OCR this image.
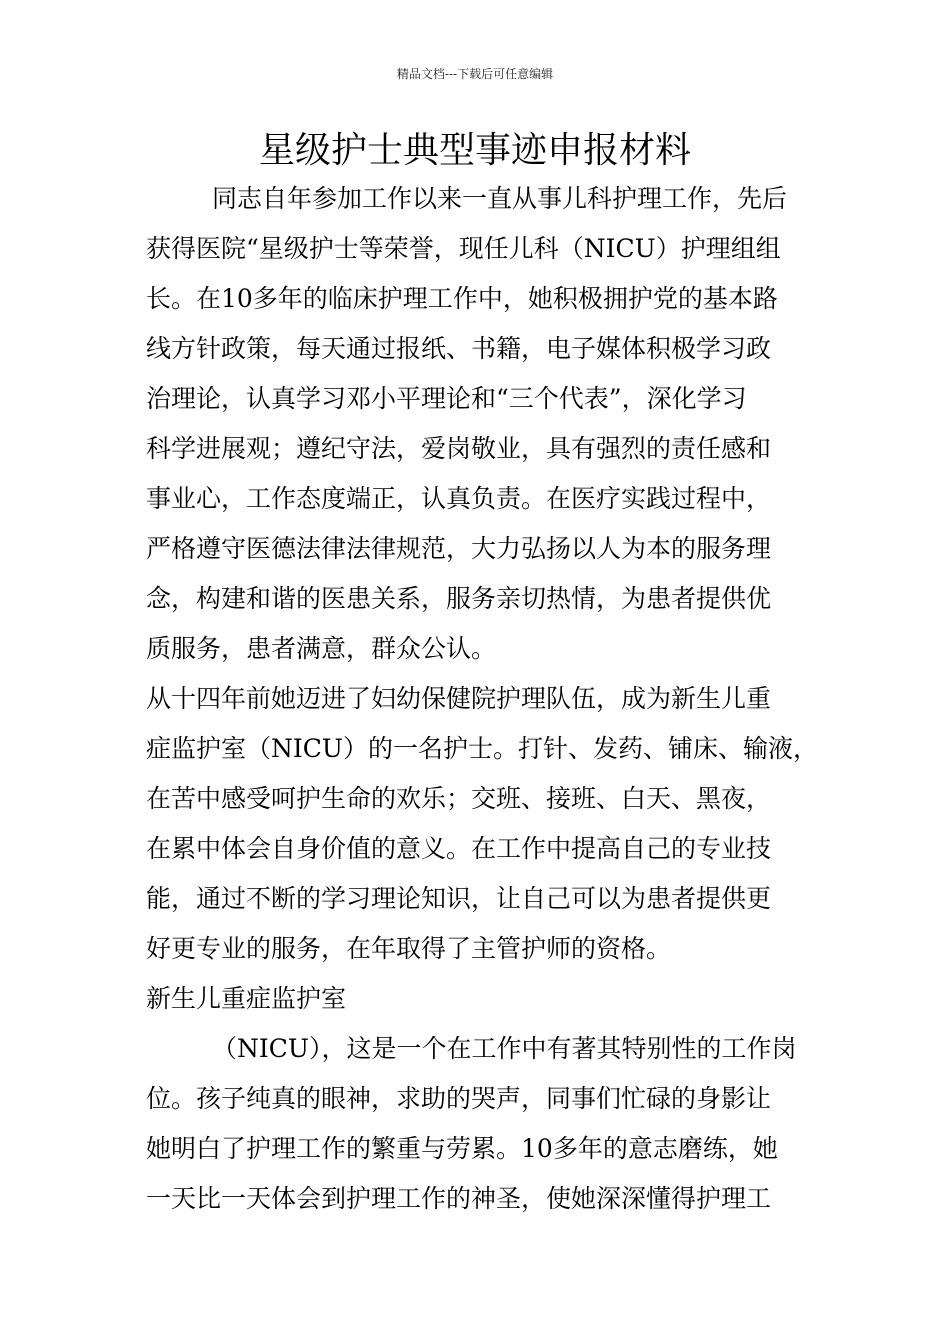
精品文档---下载后可任意编辑
星级护士典型事迹申报材料
同志自年参加工作以来一直从事儿科护理工作，先后
获得医院“星级护士等荣誉，现任儿科（NICU）护理组组
长。在10多年的临床护理工作中，她积极拥护党的基本路
线方针政策，每天通过报纸、书籍，电子媒体积极学习政
治理论，认真学习邓小平理论和“三个代表”，深化学习
科学进展观；遵纪守法，爱岗敬业，具有强烈的责任感和
事业心，工作态度端正，认真负责。在医疗实践过程中，
严格遵守医德法律法律规范，大力弘扬以人为本的服务理
念，构建和谐的医患关系，服务亲切热情，为患者提供优
质服务，患者满意，群众公认。
从十四年前她迈进了妇幼保健院护理队伍，成为新生儿重
症监护室（NICU）的一名护士。打针、发药、铺床、输液，
在苦中感受呵护生命的欢乐；交班、接班、白天、黑夜，
在累中体会自身价值的意义。在工作中提高自己的专业技
能，通过不断的学习理论知识，让自己可以为患者提供更
好更专业的服务，在年取得了主管护师的资格。
新生儿重症监护室
（NICU），这是一个在工作中有著其特别性的工作岗
位。孩子纯真的眼神，求助的哭声，同事们忙碌的身影让
她明白了护理工作的繁重与劳累。10多年的意志磨练，她
一天比一天体会到护理工作的神圣，使她深深懂得护理工
